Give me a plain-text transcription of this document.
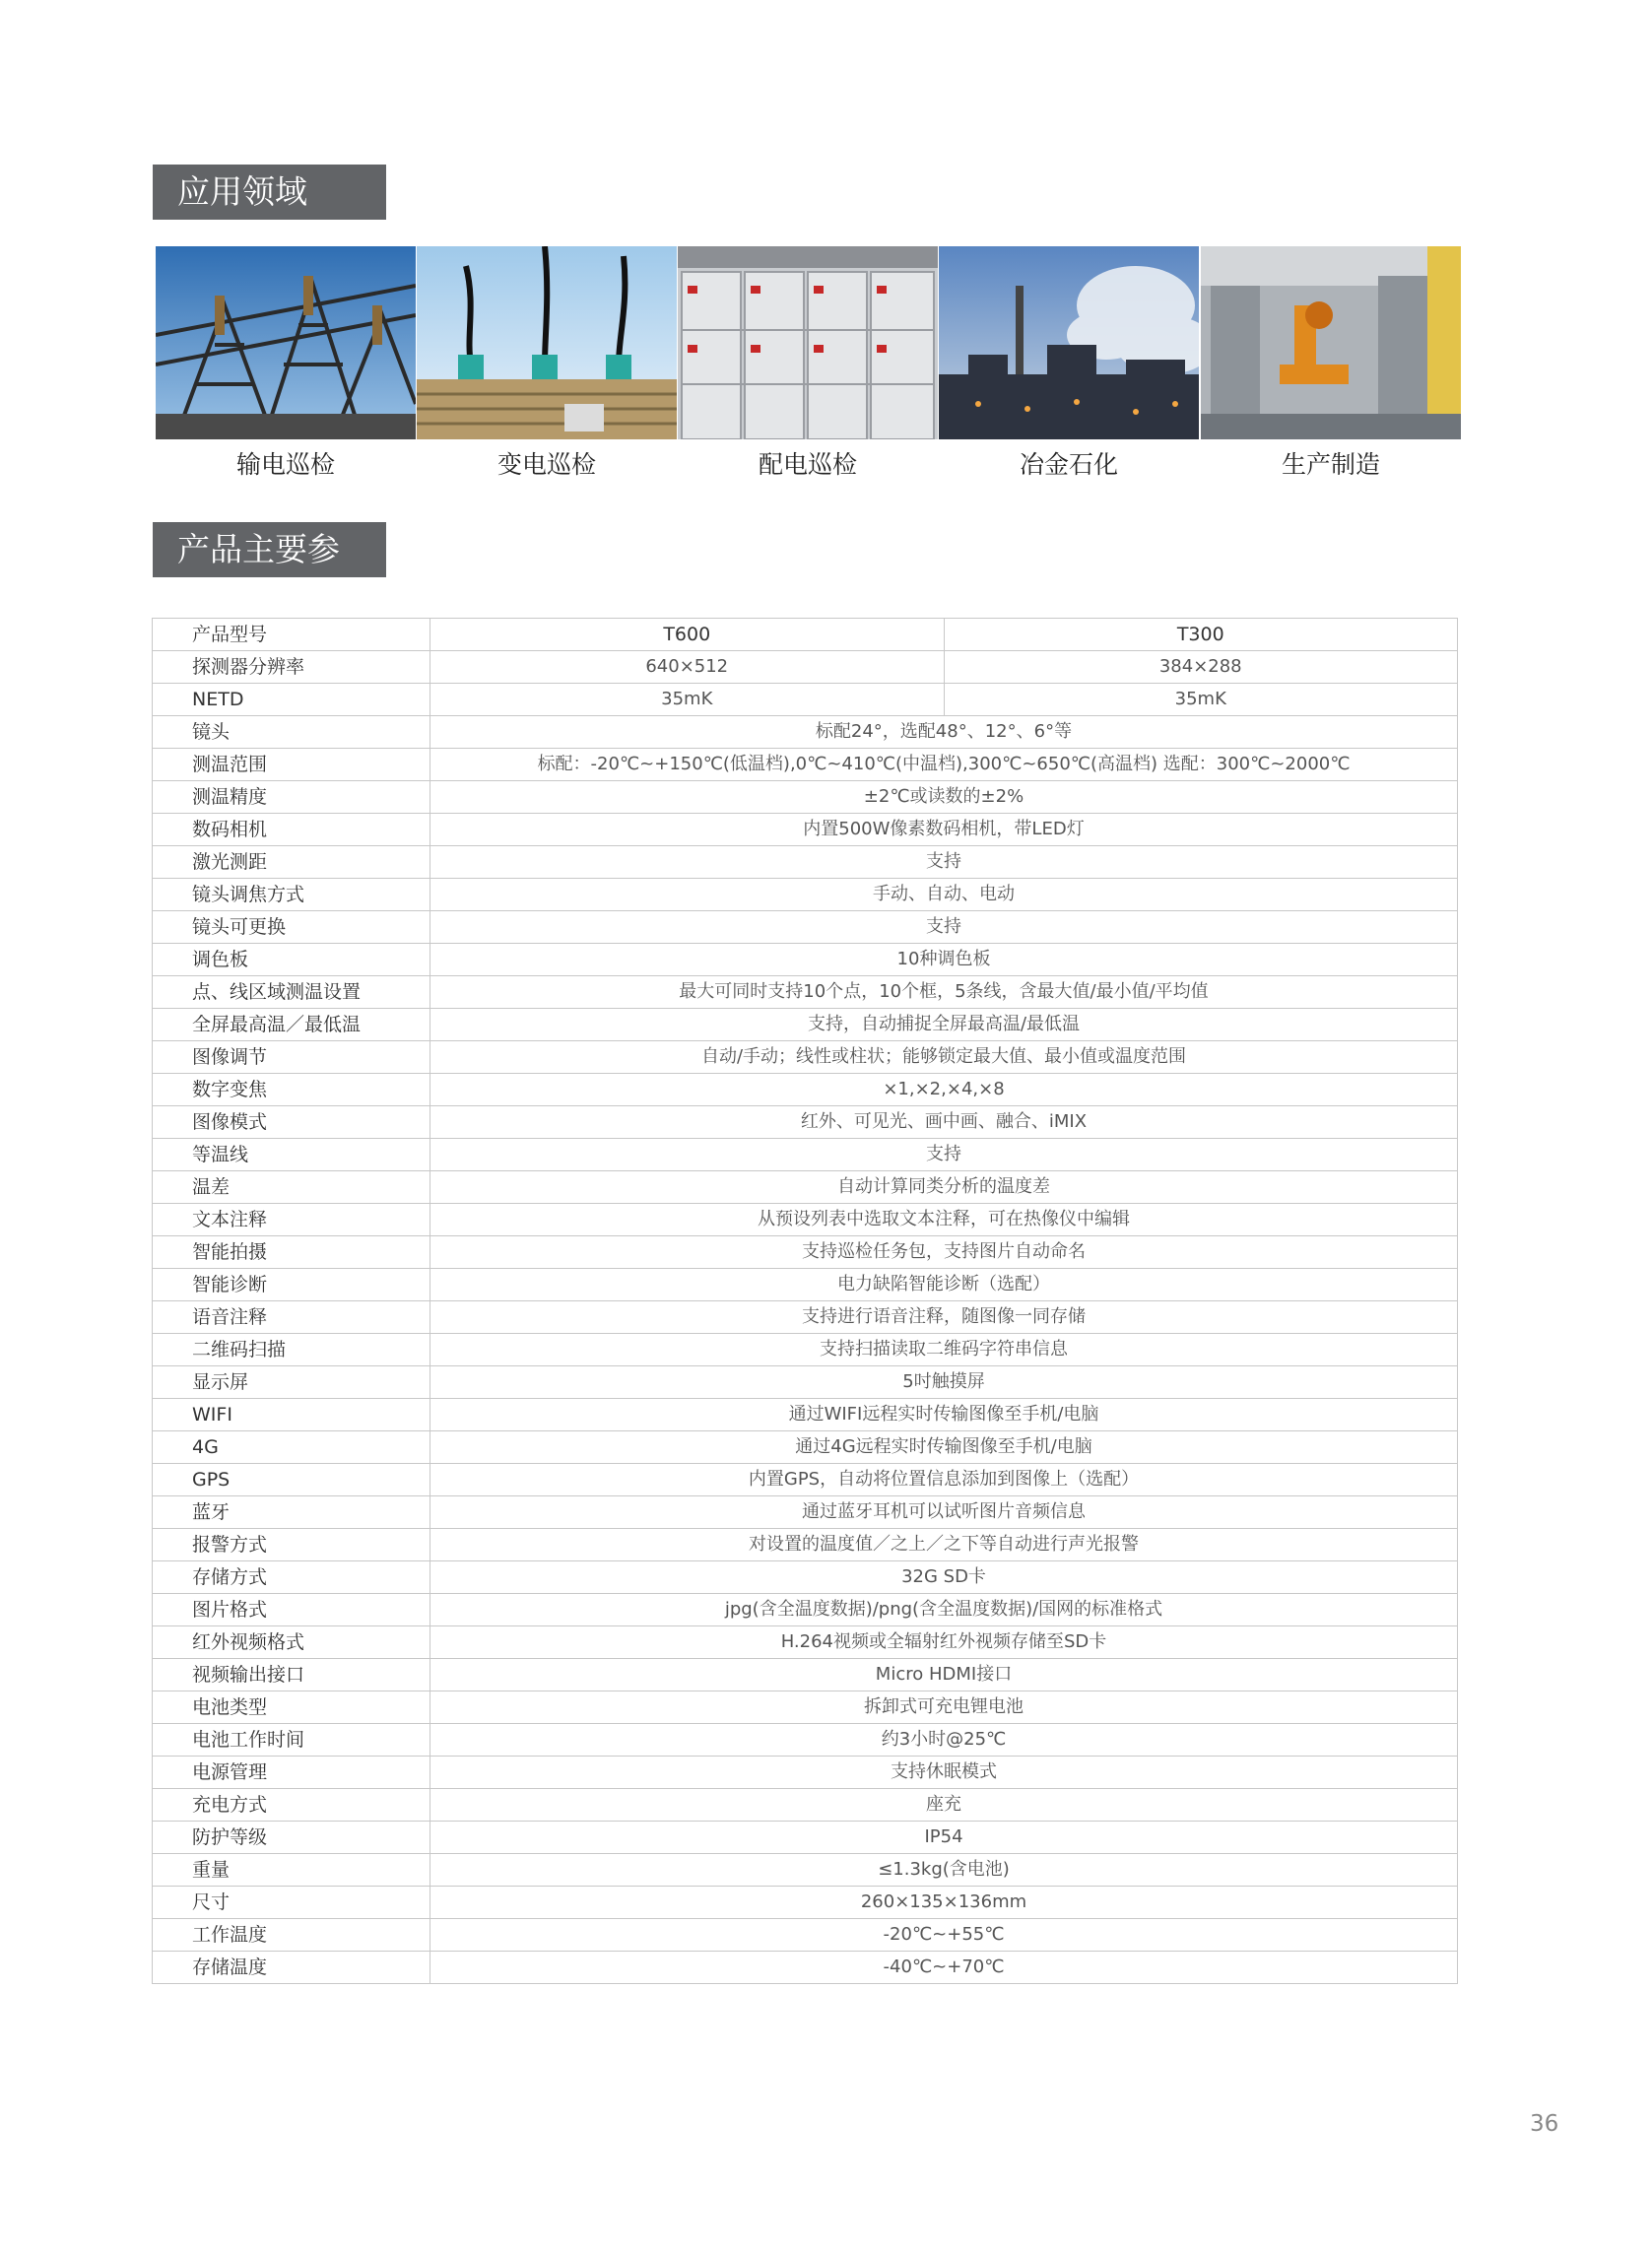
应用领域
输电巡检	变电巡检	配电巡检	冶金石化	生产制造
产品主要参数
产品型号	T600	T300
探测器分辨率	640×512	384×288
NETD	35mK	35mK
镜头	标配24°，选配48°、12°、6°等	
测温范围	标配：-20℃~+150℃(低温档),0℃~410℃(中温档),300℃~650℃(高温档) 选配：300℃~2000℃	
测温精度	±2℃或读数的±2%	
数码相机	内置500W像素数码相机，带LED灯	
激光测距	支持	
镜头调焦方式	手动、自动、电动	
镜头可更换	支持	
调色板	10种调色板	
点、线区域测温设置	最大可同时支持10个点，10个框，5条线，含最大值/最小值/平均值	
全屏最高温／最低温	支持，自动捕捉全屏最高温/最低温	
图像调节	自动/手动；线性或柱状；能够锁定最大值、最小值或温度范围	
数字变焦	×1,×2,×4,×8	
图像模式	红外、可见光、画中画、融合、iMIX	
等温线	支持	
温差	自动计算同类分析的温度差	
文本注释	从预设列表中选取文本注释，可在热像仪中编辑	
智能拍摄	支持巡检任务包，支持图片自动命名	
智能诊断	电力缺陷智能诊断（选配）	
语音注释	支持进行语音注释，随图像一同存储	
二维码扫描	支持扫描读取二维码字符串信息	
显示屏	5吋触摸屏	
WIFI	通过WIFI远程实时传输图像至手机/电脑	
4G	通过4G远程实时传输图像至手机/电脑	
GPS	内置GPS，自动将位置信息添加到图像上（选配）	
蓝牙	通过蓝牙耳机可以试听图片音频信息	
报警方式	对设置的温度值／之上／之下等自动进行声光报警	
存储方式	32G SD卡	
图片格式	jpg(含全温度数据)/png(含全温度数据)/国网的标准格式	
红外视频格式	H.264视频或全辐射红外视频存储至SD卡	
视频输出接口	Micro HDMI接口	
电池类型	拆卸式可充电锂电池	
电池工作时间	约3小时@25℃	
电源管理	支持休眠模式	
充电方式	座充	
防护等级	IP54	
重量	≤1.3kg(含电池)	
尺寸	260×135×136mm	
工作温度	-20℃~+55℃	
存储温度	-40℃~+70℃	
36
